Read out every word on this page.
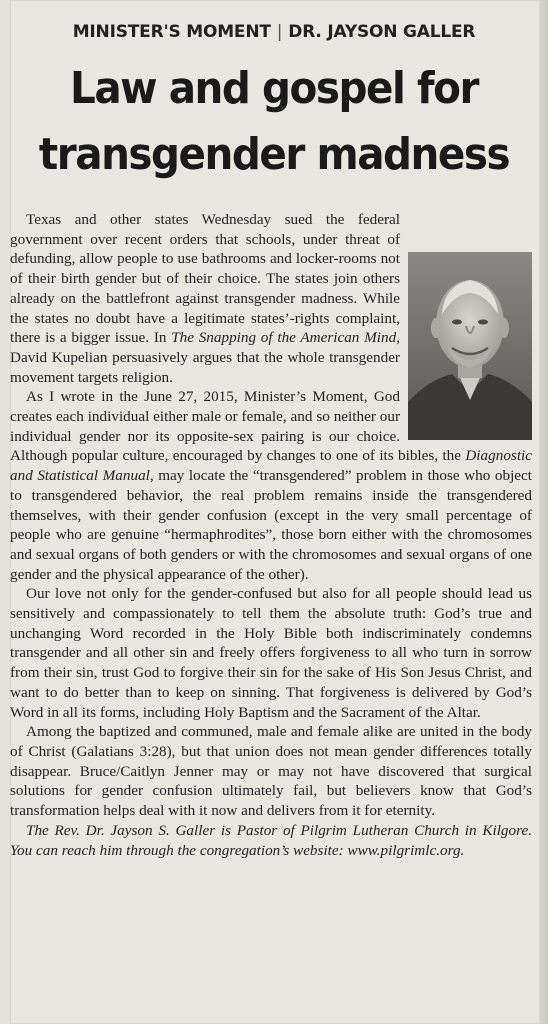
MINISTER'S MOMENT | DR. JAYSON GALLER
Law and gospel for
transgender madness

Texas and other states Wednesday sued the federal government over recent orders that schools, under threat of defunding, allow people to use bathrooms and locker-rooms not of their birth gender but of their choice. The states join others already on the battlefront against transgender madness. While the states no doubt have a legitimate states’-rights complaint, there is a bigger issue. In The Snapping of the American Mind, David Kupelian persuasively argues that the whole transgender movement targets religion.

As I wrote in the June 27, 2015, Minister’s Moment, God creates each individual either male or female, and so neither our individual gender nor its opposite-sex pairing is our choice. Although popular culture, encouraged by changes to one of its bibles, the Diagnostic and Statistical Manual, may locate the “transgendered” problem in those who object to transgendered behavior, the real problem remains inside the transgendered themselves, with their gender confusion (except in the very small percentage of people who are genuine “hermaphrodites”, those born either with the chromosomes and sexual organs of both genders or with the chromosomes and sexual organs of one gender and the physical appearance of the other).

Our love not only for the gender-confused but also for all people should lead us sensitively and compassionately to tell them the absolute truth: God’s true and unchanging Word recorded in the Holy Bible both indiscriminately condemns transgender and all other sin and freely offers forgiveness to all who turn in sorrow from their sin, trust God to forgive their sin for the sake of His Son Jesus Christ, and want to do better than to keep on sinning. That forgiveness is delivered by God’s Word in all its forms, including Holy Baptism and the Sacrament of the Altar.

Among the baptized and communed, male and female alike are united in the body of Christ (Galatians 3:28), but that union does not mean gender differences totally disappear. Bruce/Caitlyn Jenner may or may not have discovered that surgical solutions for gender confusion ultimately fail, but believers know that God’s transformation helps deal with it now and delivers from it for eternity.

The Rev. Dr. Jayson S. Galler is Pastor of Pilgrim Lutheran Church in Kilgore. You can reach him through the congregation’s website: www.pilgrimlc.org.
